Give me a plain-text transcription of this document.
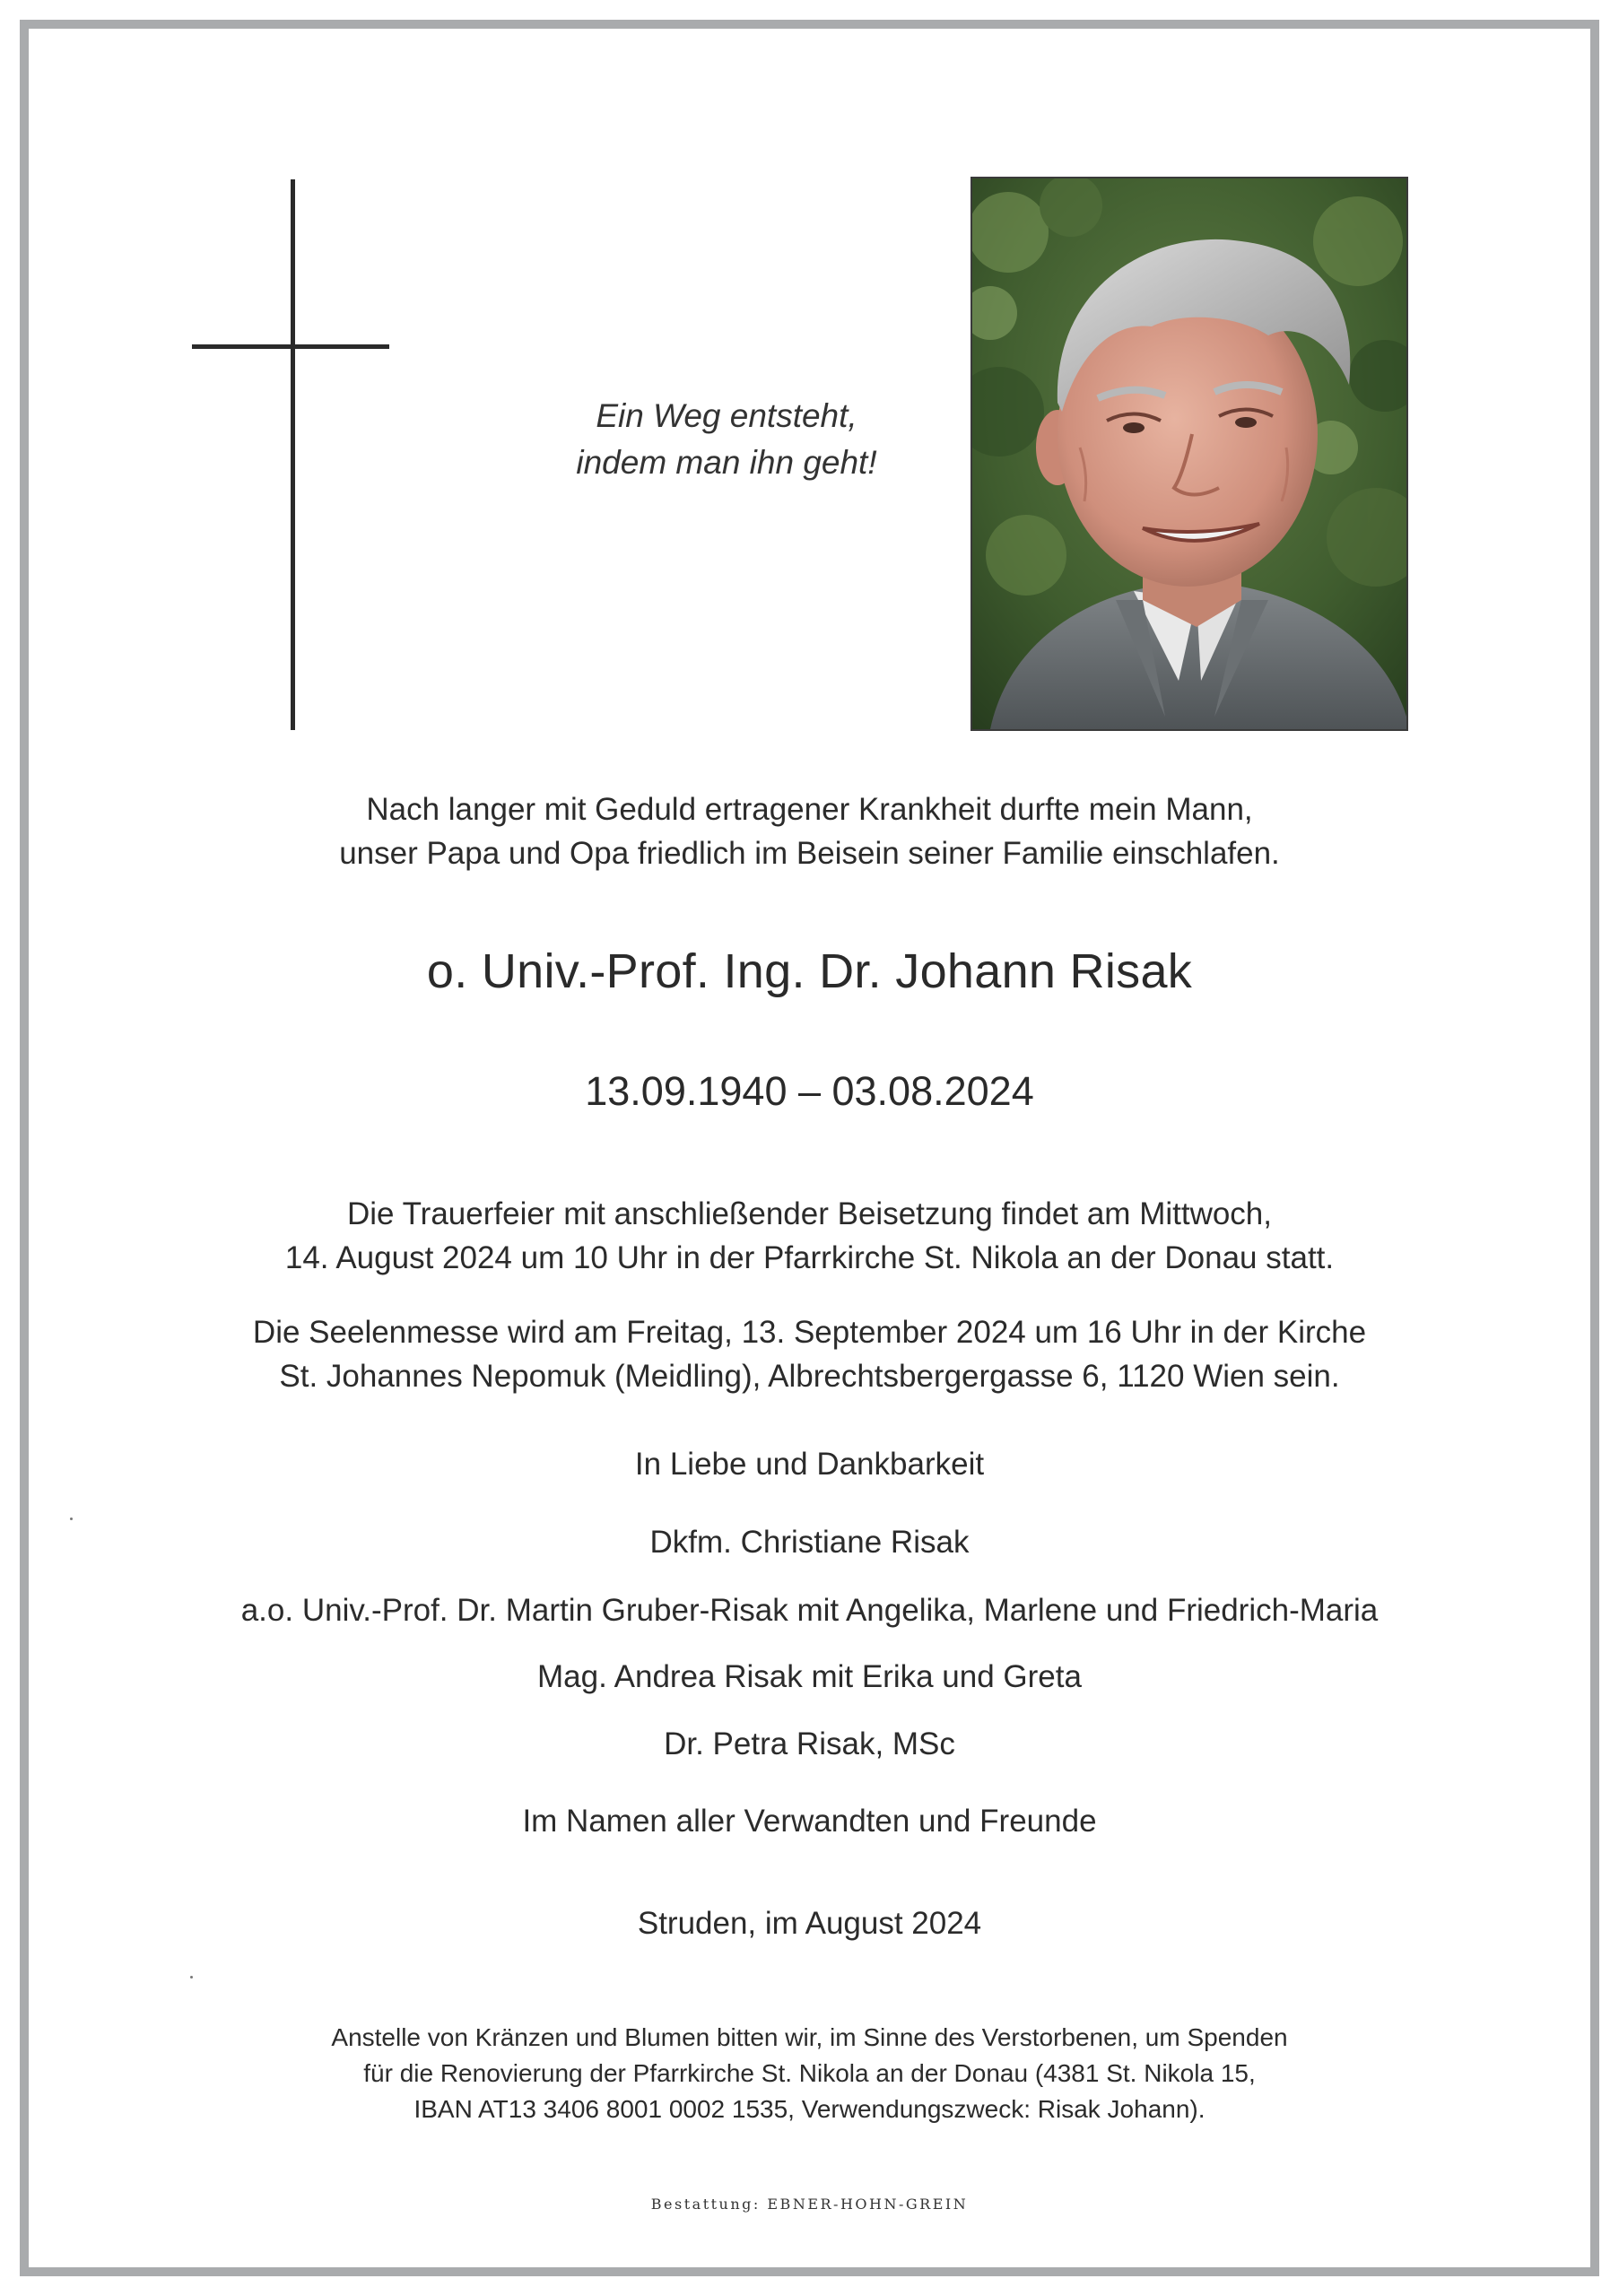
Ein Weg entsteht,
indem man ihn geht!
Nach langer mit Geduld ertragener Krankheit durfte mein Mann,
unser Papa und Opa friedlich im Beisein seiner Familie einschlafen.
o. Univ.-Prof. Ing. Dr. Johann Risak
13.09.1940 – 03.08.2024
Die Trauerfeier mit anschließender Beisetzung findet am Mittwoch,
14. August 2024 um 10 Uhr in der Pfarrkirche St. Nikola an der Donau statt.
Die Seelenmesse wird am Freitag, 13. September 2024 um 16 Uhr in der Kirche
St. Johannes Nepomuk (Meidling), Albrechtsbergergasse 6, 1120 Wien sein.
In Liebe und Dankbarkeit
Dkfm. Christiane Risak
a.o. Univ.-Prof. Dr. Martin Gruber-Risak mit Angelika, Marlene und Friedrich-Maria
Mag. Andrea Risak mit Erika und Greta
Dr. Petra Risak, MSc
Im Namen aller Verwandten und Freunde
Struden, im August 2024
Anstelle von Kränzen und Blumen bitten wir, im Sinne des Verstorbenen, um Spenden
für die Renovierung der Pfarrkirche St. Nikola an der Donau (4381 St. Nikola 15,
IBAN AT13 3406 8001 0002 1535, Verwendungszweck: Risak Johann).
Bestattung: EBNER-HOHN-GREIN
